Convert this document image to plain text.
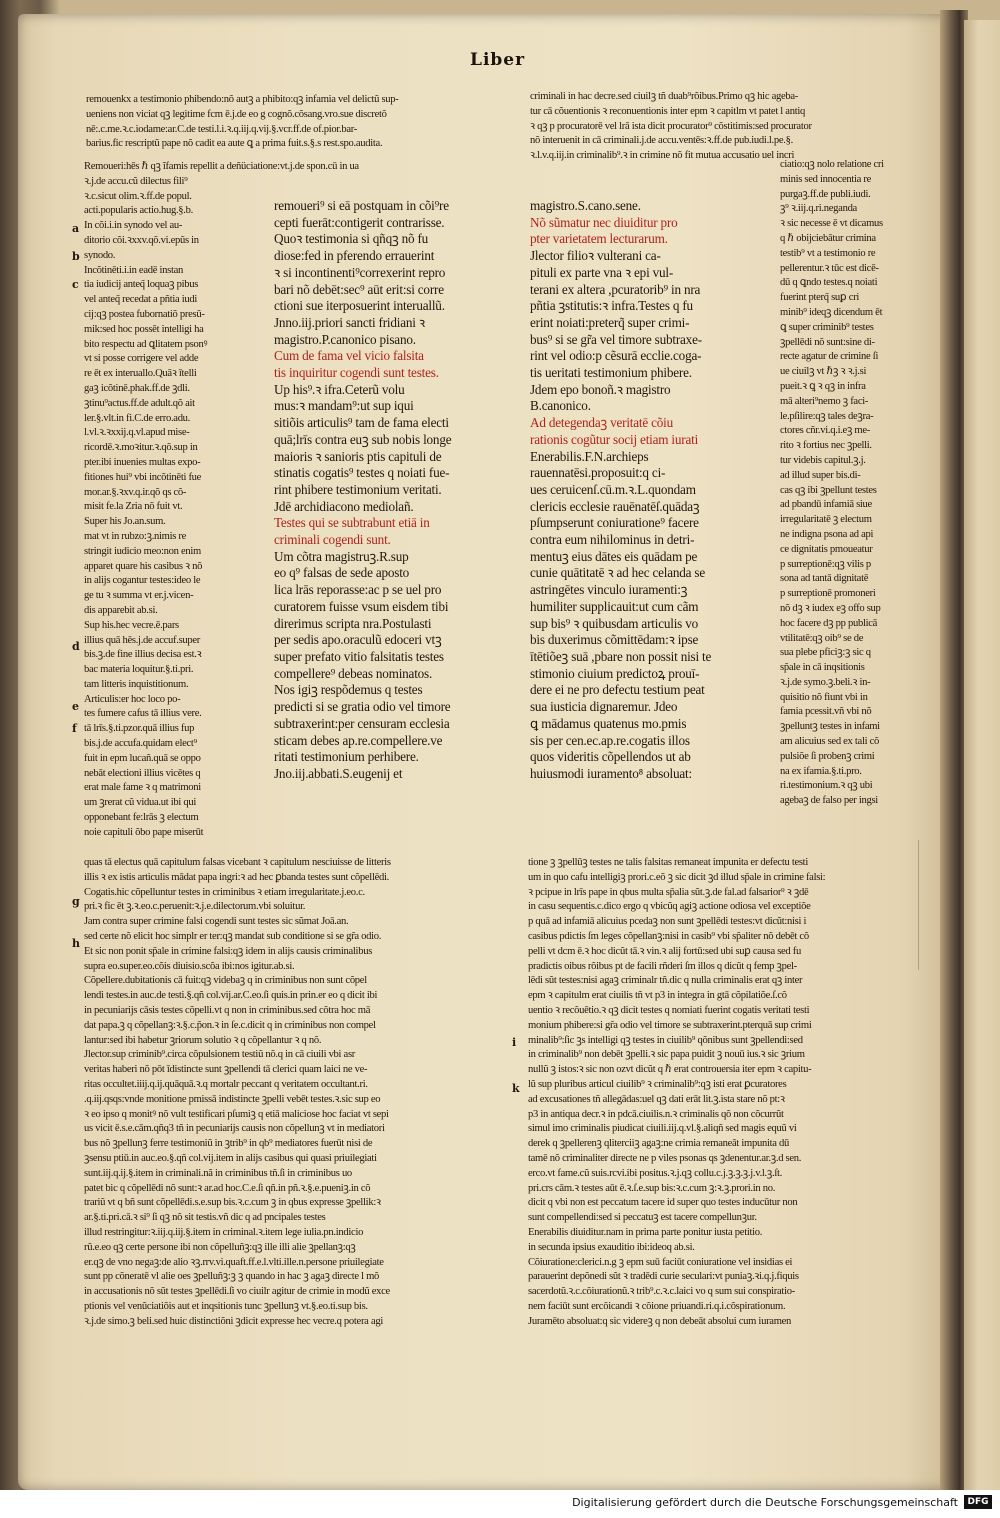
Liber

remouenkx a testimonio phibendo:nõ autꝫ a phibito:qꝫ infamia vel delictũ sup-

ueniens non viciat qꝫ legitime fcm ē.j.de eo g cognõ.cõsang.vro.sue discretõ

nē:.c.me.ꝛ.c.iodame:ar.C.de testi.l.i.ꝛ.q.iij.q.vij.§.vcr.ff.de of.pior.bar-

barius.fic rescriptũ pape nõ cadit ea aute ꝗ a prima fuit.s.§.s rest.spo.audita.

Remoueri:hēs ℏ qꝫ ĩfamis repellit a deñüciatione:vt.j.de spon.cū in ua

ꝛ.j.de accu.cũ dilectus fili⁹

ꝛ.c.sicut olim.ꝛ.ff.de popul.

acti.popularis actio.hug.§.b.

In cõi.i.in synodo vel au-

ditorio cõi.ꝛxxv.qõ.vi.epũs in

synodo.

Incõtinēti.i.in eadē instan

tia iudicij anteq̃ loquaꝫ pibus

vel anteq̃ recedat a pñtia iudi

cij:qꝫ postea fubornatiõ presũ-

mik:sed hoc possēt intelligi ha

bito respectu ad ꝗlitatem psonꝰ

vt si posse corrigere vel adde

re ēt ex interuallo.Quāꝛ ītelli

gaꝫ icõtinē.phak.ff.de ꝫdli.

ꝫtinu⁹actus.ff.de adult.qõ ait

ler.§.vlt.in fi.C.de erro.adu.

l.vl.ꝛ.ꝛxxij.q.vl.apud mise-

ricordē.ꝛ.moꝛitur.ꝛ.qõ.sup in

pter.ibi inuenies multas expo-

fitiones hui⁹ vbi incõtinēti fue

mor.ar.§.ꝛxv.q.ir.qõ qs cõ-

misit fe.la Zria nõ fuit vt.

Super his Jo.an.sum.

mat vt in rubzo:ꝫ.nimis re

stringit iudicio meo:non enim

apparet quare his casibus ꝛ nõ

in alijs cogantur testes:ideo le

ge tu ꝛ summa vt er.j.vicen-

dis apparebit ab.si.

Sup his.hec vecre.ē.pars

illius quā hēs.j.de accuf.super

bis.ꝫ.de fine illius decisa est.ꝛ

bac materia loquitur.§.ti.pri.

tam litteris inquistitionum.

Articulis:er hoc loco po-

tes fumere cafus tā illius vere.

tā lrīs.§.ti.pzor.quā illius fup

bis.j.de accufa.quidam elect⁹

fuit in epm lucañ.quā se oppo

nebāt electioni illius vicētes q

erat male fame ꝛ q matrimoni

um ꝫrerat cũ vidua.ut ibi qui

opponebant fe:lrās ꝫ electum

noie capituli õbo pape miserūt

remoueri⁹ si eā postquam in cõi⁹re

cepti fuerāt:contigerit contrarisse.

Quoꝛ testimonia si qñqꝫ nõ fu

diose:fed in pferendo errauerint

ꝛ si incontinenti⁹correxerint repro

bari nõ debēt:sec⁹ aūt erit:si corre

ctioni sue iterposuerint interuallũ.

Jnno.iij.priori sancti fridiani ꝛ

magistro.P.canonico pisano.

Cum de fama vel vicio falsita

tis inquiritur cogendi sunt testes.

Up his⁹.ꝛ ifra.Ceterũ volu

mus:ꝛ mandam⁹:ut sup iqui

sitiõis articulis⁹ tam de fama electi

quā;lrīs contra euꝫ sub nobis longe

maioris ꝛ sanioris ptis capituli de

stinatis cogatis⁹ testes q noiati fue-

rint phibere testimonium veritati.

Jdē archidiacono mediolañ.

Testes qui se subtrabunt etiā in

criminali cogendi sunt.

Um cõtra magistruꝫ.R.sup

eo q⁹ falsas de sede aposto

lica lrās reporasse:ac p se uel pro

curatorem fuisse vsum eisdem tibi

direrimus scripta nra.Postulasti

per sedis apo.oraculũ edoceri vtꝫ

super prefato vitio falsitatis testes

compellere⁹ debeas nominatos.

Nos igiꝫ respõdemus q testes

predicti si se gratia odio vel timore

subtraxerint:per censuram ecclesia

sticam debes ap.re.compellere.ve

ritati testimonium perhibere.

Jno.iij.abbati.S.eugenij et

criminali in hac decre.sed ciuilꝫ tñ duab⁹rõibus.Primo qꝫ hic ageba-

tur cā cõuentionis ꝛ reconuentionis inter epm ꝛ capitlm vt patet l antiq

ꝛ qꝫ p procuratorē vel lrā ista dicit procurator⁹ cõstitimis:sed procurator

nõ interuenit in cā criminali.j.de accu.ventēs:ꝛ.ff.de pub.iudi.l.pe.§.

ꝛ.l.v.q.iij.in criminalib⁹.ꝛ in crimine nõ fit mutua accusatio uel incri

magistro.S.cano.sene.

Nõ sũmatur nec diuiditur pro

pter varietatem lecturarum.

Jlector filioꝛ vulterani ca-

pituli ex parte vna ꝛ epi vul-

terani ex altera ,pcuratorib⁹ in nra

pñtia ꝫstitutis:ꝛ infra.Testes q fu

erint noiati:preterq̃ super crimi-

bus⁹ si se gr̃a vel timore subtraxe-

rint vel odio:p cẽsurā ecclie.coga-

tis ueritati testimonium phibere.

Jdem epo bonoñ.ꝛ magistro

B.canonico.

Ad detegendaꝫ veritatē cõiu

rationis cogũtur socij etiam iurati

Enerabilis.F.N.archieps

rauennatēsi.proposuit:q ci-

ues ceruicenſ.cū.m.ꝛ.L.quondam

clericis ecclesie rauēnatēſ.quādaꝫ

pſumpserunt coniuratione⁹ facere

contra eum nihilominus in detri-

mentuꝫ eius dātes eis quādam pe

cunie quātitatē ꝛ ad hec celanda se

astringētes vinculo iuramenti:ꝫ

humiliter supplicauit:ut cum cãm

sup bis⁹ ꝛ quibusdam articulis vo

bis duxerimus cõmittēdam:ꝛ ipse

ītētiõeꝫ suā ,pbare non possit nisi te

stimonio ciuium predictoꝝ prouī-

dere ei ne pro defectu testium peat

sua iusticia dignaremur. Jdeo

ꝗ mādamus quatenus mo.pmis

sis per cen.ec.ap.re.cogatis illos

quos videritis cõpellendos ut ab

huiusmodi iuramento⁸ absoluat:

ciatio:qꝫ nolo relatione cri

minis sed innocentia re

purgaꝫ.ff.de publi.iudi.

ꝫ⁹ ꝛ.iij.q.ri.neganda

ꝛ sic necesse ē vt dicamus

q ℏ obijciebātur crimina

testib⁹ vt a testimonio re

pellerentur.ꝛ tūc est dicē-

dū q ꝗndo testes.q noiati

fuerint pterq̃ suꝑ cri

minib⁹ ideqꝫ dicendum ēt

ꝗ super criminib⁹ testes

ꝫpellēdi nõ sunt:sine di-

recte agatur de crimine ſi

ue ciuilꝫ vt ℏꝫ ꝛ ꝛ.j.si

pueit.ꝛ ꝗ ꝛ qꝫ in infra

mā alteri⁹nemo ꝫ faci-

le.pſilire:qꝫ tales deꝫra-

ctores cñr.vi.q.i.eꝫ me-

rito ꝛ fortius nec ꝫpelli.

tur videbis capitul.ꝫ.j.

ad illud super bis.di-

cas qꝫ ibi ꝫpellunt testes

ad pbandū infamiā siue

irregularitatē ꝫ electum

ne indigna psona ad api

ce dignitatis pmoueatur

p surreptionē:qꝫ vilis p

sona ad tantā dignitatē

p surreptionē promoneri

nõ dꝫ ꝛ iudex eꝫ offo sup

hoc facere dꝫ pp publicā

vtilitatē:qꝫ oib⁹ se de

sua plebe pficiꝫ:ꝫ sic q

sp̃ale in cā inqsitionis

ꝛ.j.de symo.ꝫ.beli.ꝛ in-

quisitio nõ fiunt vbi in

famia pcessit.vñ vbi nõ

ꝫpelluntꝫ testes in infami

am alicuius sed ex tali cõ

pulsiõe ſi probenꝫ crimi

na ex ifamia.§.ti.pro.

ri.testimonium.ꝛ qꝫ ubi

agebaꝫ de falso per ingsi

quas tā electus quā capitulum falsas vicebant ꝛ capitulum nesciuisse de litteris

illis ꝛ ex istis articulis mādat papa ingri:ꝛ ad hec ꝑbanda testes sunt cõpellēdi.

Cogatis.hic cõpelluntur testes in criminibus ꝛ etiam irregularitate.j.eo.c.

pri.ꝛ fic ēt ꝫ.ꝛ.eo.c.peruenit:ꝛ.j.e.dilectorum.vbi soluitur.

Jam contra super crimine falsi cogendi sunt testes sic sũmat Joā.an.

sed certe nõ elicit hoc simplr er ter:qꝫ mandat sub conditione si se gr̃a odio.

Et sic non ponit sp̃ale in crimine falsi:qꝫ idem in alijs causis criminalibus

supra eo.super.eo.cõis diuisio.scõa ibi:nos igitur.ab.si.

Cõpellere.dubitationis cā fuit:qꝫ videbaꝫ q in criminibus non sunt cõpel

lendi testes.in auc.de testi.§.qñ col.vij.ar.C.eo.ſi quis.in prin.er eo q dicit ibi

in pecuniarijs cāsis testes cõpelli.vt q non in criminibus.sed cõtra hoc mā

dat papa.ꝫ q cõpellanꝫ:ꝛ.§.c.p̃on.ꝛ in ſe.c.dicit q in criminibus non compel

lantur:sed ibi habetur ꝫriorum solutio ꝛ q cõpellantur ꝛ q nõ.

Jlector.sup criminib⁹.circa cõpulsionem testiũ nõ.q in cā ciuili vbi asr

veritas haberi nõ pōt īdistincte sunt ꝫpellendi tā clerici quam laici ne ve-

ritas occultet.iiij.q.ij.quāquā.ꝛ.q mortalr peccant q veritatem occultant.ri.

.q.iij.qsqs:vnde monitione pmissā indistincte ꝫpelli vebēt testes.ꝛ.sic sup eo

ꝛ eo ipso q monitꝰ nõ vult testificari pſumiꝫ q etiā maliciose hoc faciat vt sepi

us vicit ē.s.e.cām.qñq3 tñ in pecuniarijs causis non cõpellunꝫ vt in mediatori

bus nõ ꝫpellunꝫ ferre testimoniũ in ꝫtrib⁹ in qb⁹ mediatores fuerūt nisi de

ꝫsensu ptiū.in auc.eo.§.qñ col.vij.item in alijs casibus qui quasi priuilegiati

sunt.iij.q.ij.§.item in criminali.nã in criminibus tñ.ſi in criminibus uo

patet bic q cõpellēdi nõ sunt:ꝛ ar.ad hoc.C.e.ſi qñ.in pñ.ꝛ.§.e.pueniꝫ.in cõ

trariũ vt q bñ sunt cõpellēdi.s.e.sup bis.ꝛ.c.cum ꝫ in qbus expresse ꝫpellik:ꝛ

ar.§.ti.pri.cā.ꝛ si⁹ ſi qꝫ nõ sit testis.vñ dic q ad pncipales testes

illud restringitur:ꝛ.iij.q.iij.§.item in criminal.ꝛ.item lege iulia.pn.indicio

rũ.e.eo qꝫ certe persone ibi non cõpelluñꝫ:qꝫ ille illi alie ꝫpellanꝫ:qꝫ

er.qꝫ de vno negaꝫ:de alio ꝛꝫ.rrv.vi.quaft.ff.e.l.vlti.ille.n.persone priuilegiate

sunt pp cõneratē vl alie oes ꝫpelluñꝫ:ꝫ ꝫ quando in hac ꝫ agaꝫ directe l mõ

in accusationis nõ sũt testes ꝫpellēdi.ſi vo ciuilr agitur de crimie in modũ exce

ptionis vel venũciatiõis aut et inqsitionis tunc ꝫpellunꝫ vt.§.eo.ti.sup bis.

ꝛ.j.de simo.ꝫ beli.sed huic distinctiõni ꝫdicit expresse hec vecre.q potera agi

tione ꝫ ꝫpellūꝫ testes ne talis falsitas remaneat impunita er defectu testi

um in quo cafu intelligiꝫ prori.c.eõ ꝫ sic dicit ꝫd illud sp̃ale in crimine falsi:

ꝛ pcipue in lrīs pape in qbus multa sp̃alia sũt.ꝫ.de fal.ad falsarior⁹ ꝛ ꝫdē

in casu sequentis.c.dico ergo q vbicũq agiꝫ actione odiosa vel exceptiõe

p quā ad infamiā alicuius pcedaꝫ non sunt ꝫpellēdi testes:vt dicũt:nisi i

casibus pdictis ſm leges cõpellanꝫ:nisi in casib⁹ vbi sp̃aliter nõ debēt cõ

pelli vt dcm ē.ꝛ hoc dicũt tā.ꝛ vin.ꝛ alij fortū:sed ubi suꝑ causa sed fu

pradictis oibus rõibus pt de facili rñderi ſm illos q dicũt q femp ꝫpel-

lēdi sũt testes:nisi agaꝫ criminalr tñ.dic q nulla criminalis erat qꝫ inter

epm ꝛ capitulm erat ciuilis tñ vt p3 in integra in gtā cõpilatiõe.ſ.cõ

uentio ꝛ recõuētio.ꝛ qꝫ dicit testes q nomiati fuerint cogatis veritati testi

monium phibere:si gr̃a odio vel timore se subtraxerint.pterquā sup crimi

minalib⁹:ſic ꝫs intelligi qꝫ testes in ciuilib⁹ qõnibus sunt ꝫpellendi:sed

in criminalib⁹ non debēt ꝫpelli.ꝛ sic papa puidit ꝫ nouū ius.ꝛ sic ꝫrium

nullũ ꝫ istos:ꝛ sic non ozvt dicũt q ℏ erat controuersia iter epm ꝛ capitu-

lũ sup pluribus articul ciuilib⁹ ꝛ criminalib⁹:qꝫ isti erat ꝑcuratores

ad excusationes tñ allegādas:uel qꝫ dati erāt lit.ꝫ.ista stare nõ pt:ꝛ

p3 in antiqua decr.ꝛ in pdcā.ciuilis.n.ꝛ criminalis qõ non cõcurrũt

simul imo criminalis piudicat ciuili.iij.q.vl.§.aliqñ sed magis equũ vi

derek q ꝫpellerenꝫ qliterciiꝫ agaꝫ:ne crimia remaneāt impunita dū

tamē nõ criminaliter directe ne p viles psonas qs ꝫdenentur.ar.ꝫ.d sen.

erco.vt fame.cũ suis.rcvi.ibi positus.ꝛ.j.qꝫ collu.c.j.ꝫ.ꝫ.ꝫ.j.v.l.ꝫ.ſt.

pri.crs cām.ꝛ testes aūt ē.ꝛ.ſ.e.sup bis:ꝛ.c.cum ꝫ:ꝛ.ꝫ.prori.in no.

dicit q vbi non est peccatum tacere id super quo testes inducūtur non

sunt compellendi:sed si peccatuꝫ est tacere compellunꝫur.

Enerabilis diuiditur.nam in prima parte ponitur iusta petitio.

in secunda ipsius exauditio ibi:ideoq ab.si.

Cõiuratione:clerici.n.g ꝫ epm suū faciūt coniuratione vel insidias ei

parauerint depõnedi sũt ꝛ tradēdi curie seculari:vt puniaꝫ.ꝛi.q.j.fiquis

sacerdotũ.ꝛ.c.cõiurationũ.ꝛ trib⁹.c.ꝛ.c.laici vo q sum sui conspiratio-

nem faciūt sunt ercõicandi ꝛ cõione priuandi.ri.q.i.cõspirationum.

Juramēto absoluat:q sic videreꝫ q non debeāt absolui cum iuramen

Digitalisierung gefördert durch die Deutsche Forschungsgemeinschaft	DFG
a
b
c
d
e
f
g
h
i
k
